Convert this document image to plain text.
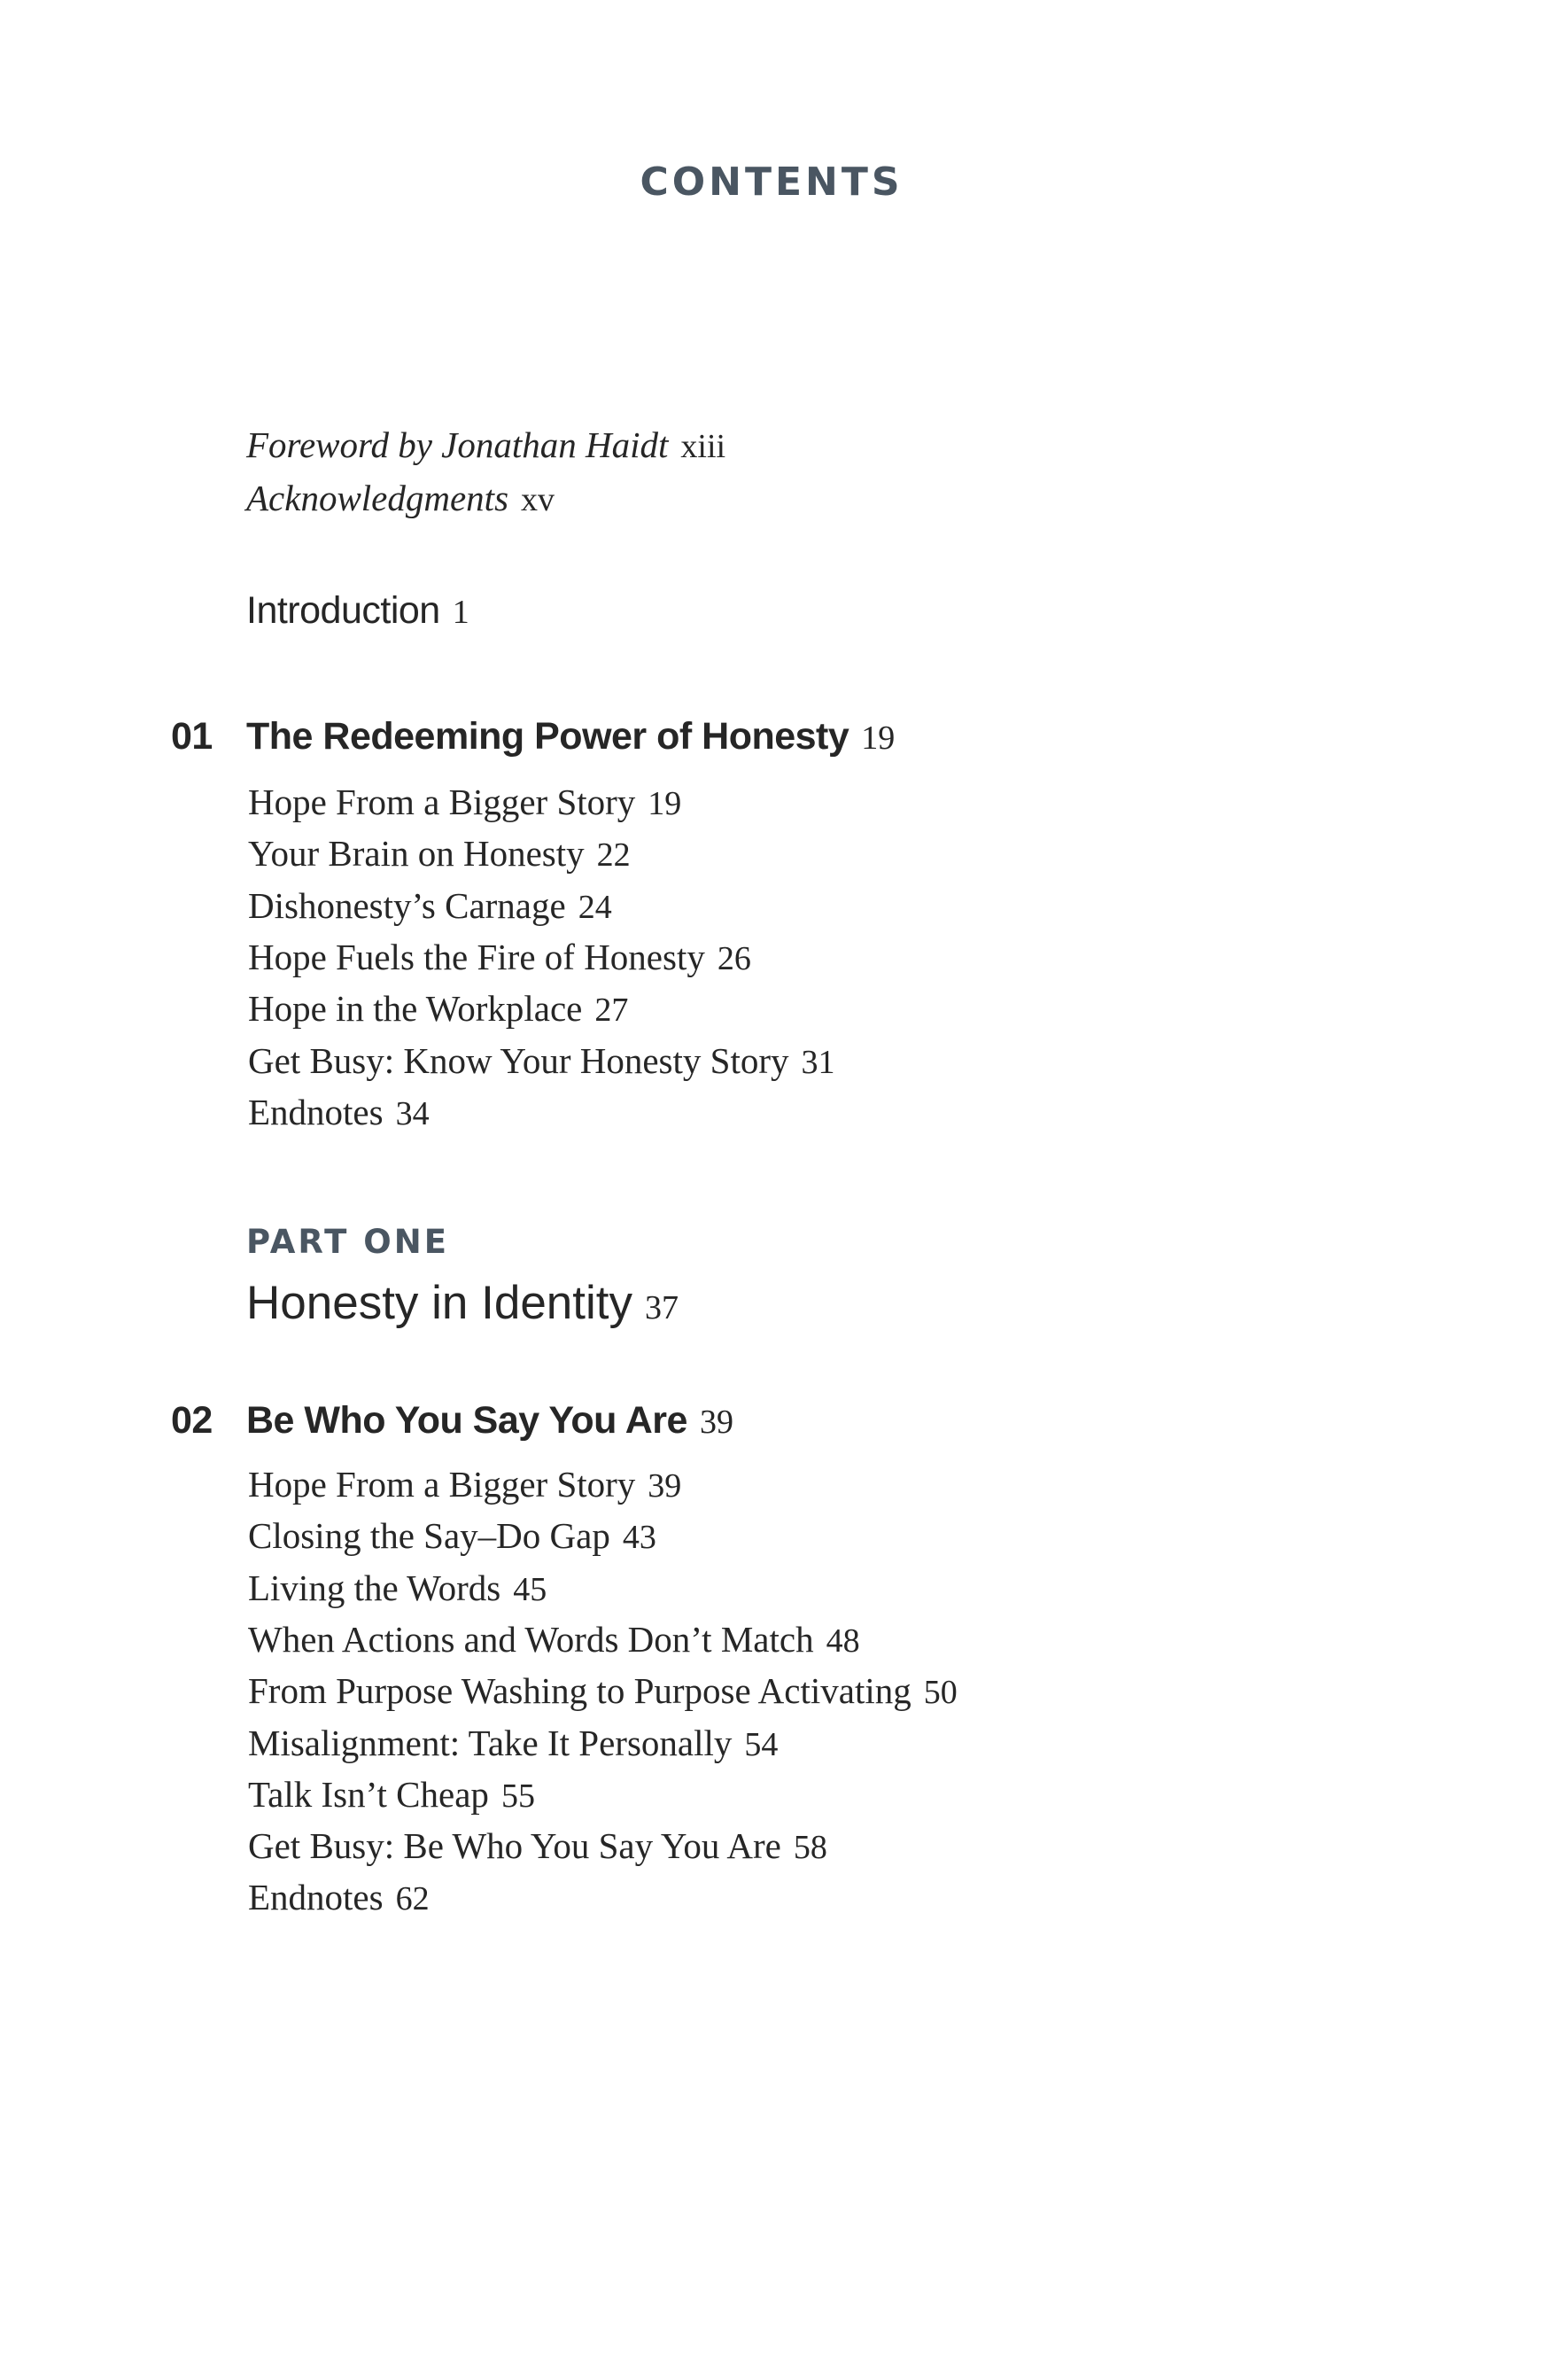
CONTENTS
Foreword by Jonathan Haidt xiii
Acknowledgments xv
Introduction 1
01 The Redeeming Power of Honesty 19
PART ONE
Honesty in Identity 37
02 Be Who You Say You Are 39
Hope From a Bigger Story 19
Your Brain on Honesty 22
Dishonesty’s Carnage 24
Hope Fuels the Fire of Honesty 26
Hope in the Workplace 27
Get Busy: Know Your Honesty Story 31
Endnotes 34
Hope From a Bigger Story 39
Closing the Say–Do Gap 43
Living the Words 45
When Actions and Words Don’t Match 48
From Purpose Washing to Purpose Activating 50
Misalignment: Take It Personally 54
Talk Isn’t Cheap 55
Get Busy: Be Who You Say You Are 58
Endnotes 62
